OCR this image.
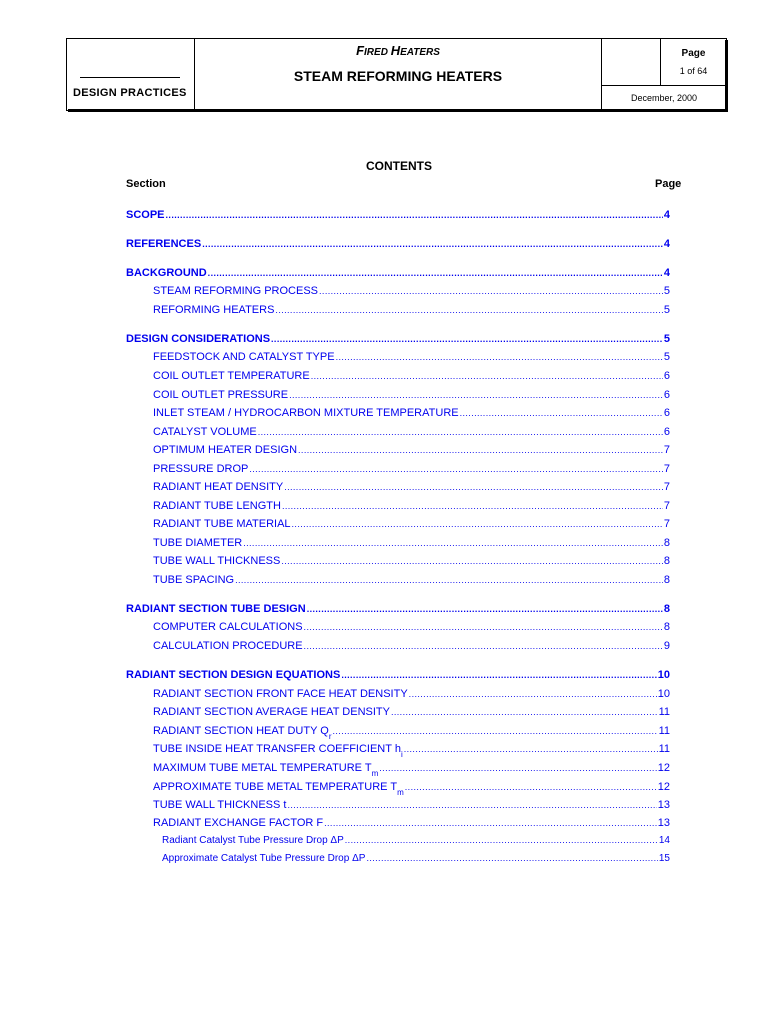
DESIGN PRACTICES
FIRED HEATERS
STEAM REFORMING HEATERS
Page
1 of 64
December, 2000
CONTENTS
Section	Page
SCOPE .....	4
REFERENCES .....	4
BACKGROUND .....	4
STEAM REFORMING PROCESS .....	5
REFORMING HEATERS .....	5
DESIGN CONSIDERATIONS .....	5
FEEDSTOCK AND CATALYST TYPE .....	5
COIL OUTLET TEMPERATURE .....	6
COIL OUTLET PRESSURE .....	6
INLET STEAM / HYDROCARBON MIXTURE TEMPERATURE .....	6
CATALYST VOLUME .....	6
OPTIMUM HEATER DESIGN .....	7
PRESSURE DROP .....	7
RADIANT HEAT DENSITY .....	7
RADIANT TUBE LENGTH .....	7
RADIANT TUBE MATERIAL .....	7
TUBE DIAMETER .....	8
TUBE WALL THICKNESS .....	8
TUBE SPACING .....	8
RADIANT SECTION TUBE DESIGN .....	8
COMPUTER CALCULATIONS .....	8
CALCULATION PROCEDURE .....	9
RADIANT SECTION DESIGN EQUATIONS .....	10
RADIANT SECTION FRONT FACE HEAT DENSITY .....	10
RADIANT SECTION AVERAGE HEAT DENSITY .....	11
RADIANT SECTION HEAT DUTY Q r .....	11
TUBE INSIDE HEAT TRANSFER COEFFICIENT h i .....	11
MAXIMUM TUBE METAL TEMPERATURE T m .....	12
APPROXIMATE TUBE METAL TEMPERATURE T m .....	12
TUBE WALL THICKNESS t .....	13
RADIANT EXCHANGE FACTOR F .....	13
Radiant Catalyst Tube Pressure Drop ΔP .....	14
Approximate Catalyst Tube Pressure Drop ΔP .....	15
